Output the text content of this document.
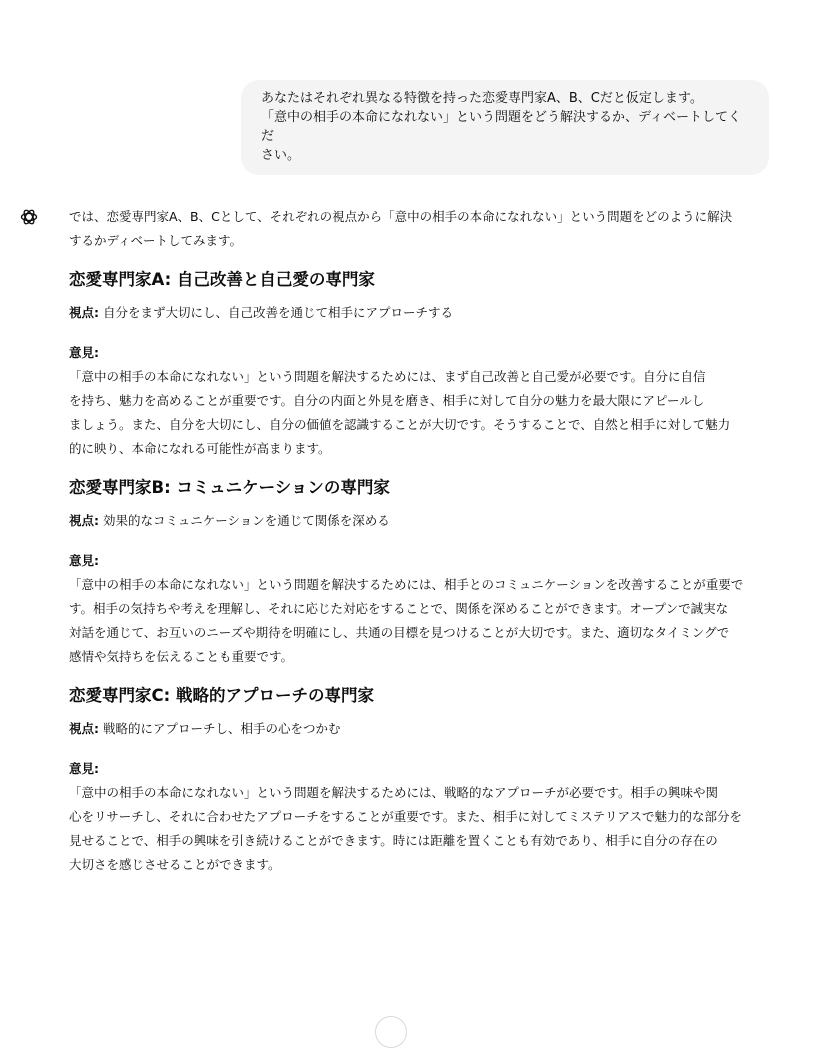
あなたはそれぞれ異なる特徴を持った恋愛専門家A、B、Cだと仮定します。

「意中の相手の本命になれない」という問題をどう解決するか、ディベートしてくだ

さい。

では、恋愛専門家A、B、Cとして、それぞれの視点から「意中の相手の本命になれない」という問題をどのように解決

するかディベートしてみます。

恋愛専門家A: 自己改善と自己愛の専門家

視点: 自分をまず大切にし、自己改善を通じて相手にアプローチする

意見:

「意中の相手の本命になれない」という問題を解決するためには、まず自己改善と自己愛が必要です。自分に自信

を持ち、魅力を高めることが重要です。自分の内面と外見を磨き、相手に対して自分の魅力を最大限にアピールし

ましょう。また、自分を大切にし、自分の価値を認識することが大切です。そうすることで、自然と相手に対して魅力

的に映り、本命になれる可能性が高まります。

恋愛専門家B: コミュニケーションの専門家

視点: 効果的なコミュニケーションを通じて関係を深める

意見:

「意中の相手の本命になれない」という問題を解決するためには、相手とのコミュニケーションを改善することが重要で

す。相手の気持ちや考えを理解し、それに応じた対応をすることで、関係を深めることができます。オープンで誠実な

対話を通じて、お互いのニーズや期待を明確にし、共通の目標を見つけることが大切です。また、適切なタイミングで

感情や気持ちを伝えることも重要です。

恋愛専門家C: 戦略的アプローチの専門家

視点: 戦略的にアプローチし、相手の心をつかむ

意見:

「意中の相手の本命になれない」という問題を解決するためには、戦略的なアプローチが必要です。相手の興味や関

心をリサーチし、それに合わせたアプローチをすることが重要です。また、相手に対してミステリアスで魅力的な部分を

見せることで、相手の興味を引き続けることができます。時には距離を置くことも有効であり、相手に自分の存在の

大切さを感じさせることができます。
